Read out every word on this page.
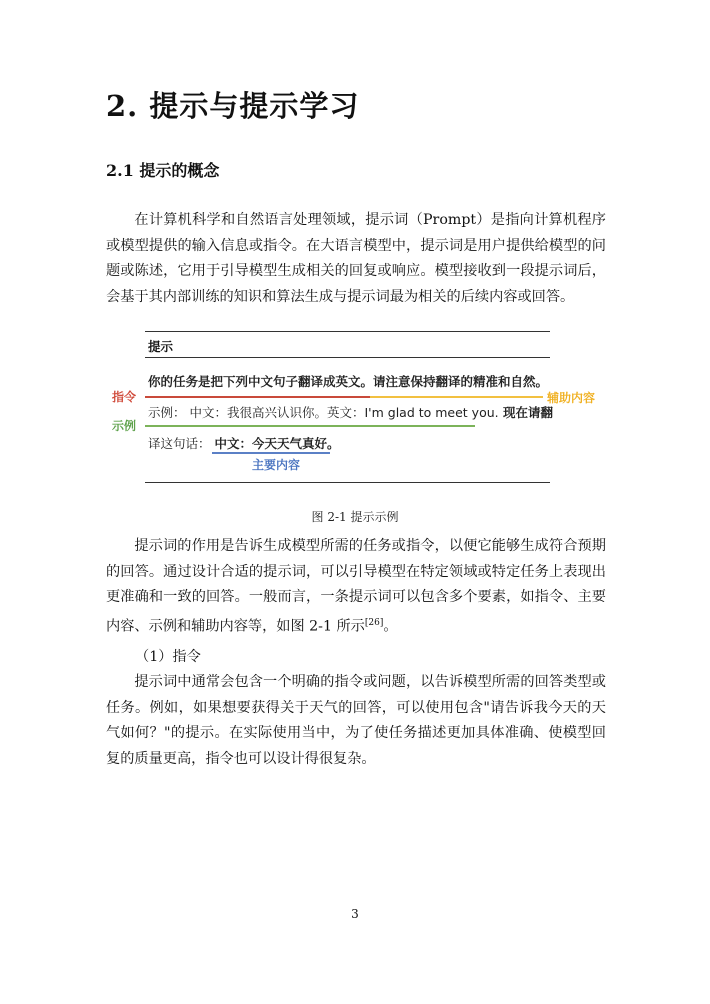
2. 提示与提示学习
2.1 提示的概念
在计算机科学和自然语言处理领域，提示词（Prompt）是指向计算机程序或模型提供的输入信息或指令。在大语言模型中，提示词是用户提供给模型的问题或陈述，它用于引导模型生成相关的回复或响应。模型接收到一段提示词后，会基于其内部训练的知识和算法生成与提示词最为相关的后续内容或回答。
提示
你的任务是把下列中文句子翻译成英文。请注意保持翻译的精准和自然。
示例： 中文：我很高兴认识你。英文：I'm glad to meet you. 现在请翻
译这句话： 中文：今天天气真好。
指令
示例
辅助内容
主要内容
图 2-1 提示示例
提示词的作用是告诉生成模型所需的任务或指令，以便它能够生成符合预期的回答。通过设计合适的提示词，可以引导模型在特定领域或特定任务上表现出更准确和一致的回答。一般而言，一条提示词可以包含多个要素，如指令、主要内容、示例和辅助内容等，如图 2-1 所示[26]。
（1）指令
提示词中通常会包含一个明确的指令或问题，以告诉模型所需的回答类型或任务。例如，如果想要获得关于天气的回答，可以使用包含"请告诉我今天的天气如何？"的提示。在实际使用当中，为了使任务描述更加具体准确、使模型回复的质量更高，指令也可以设计得很复杂。
3
